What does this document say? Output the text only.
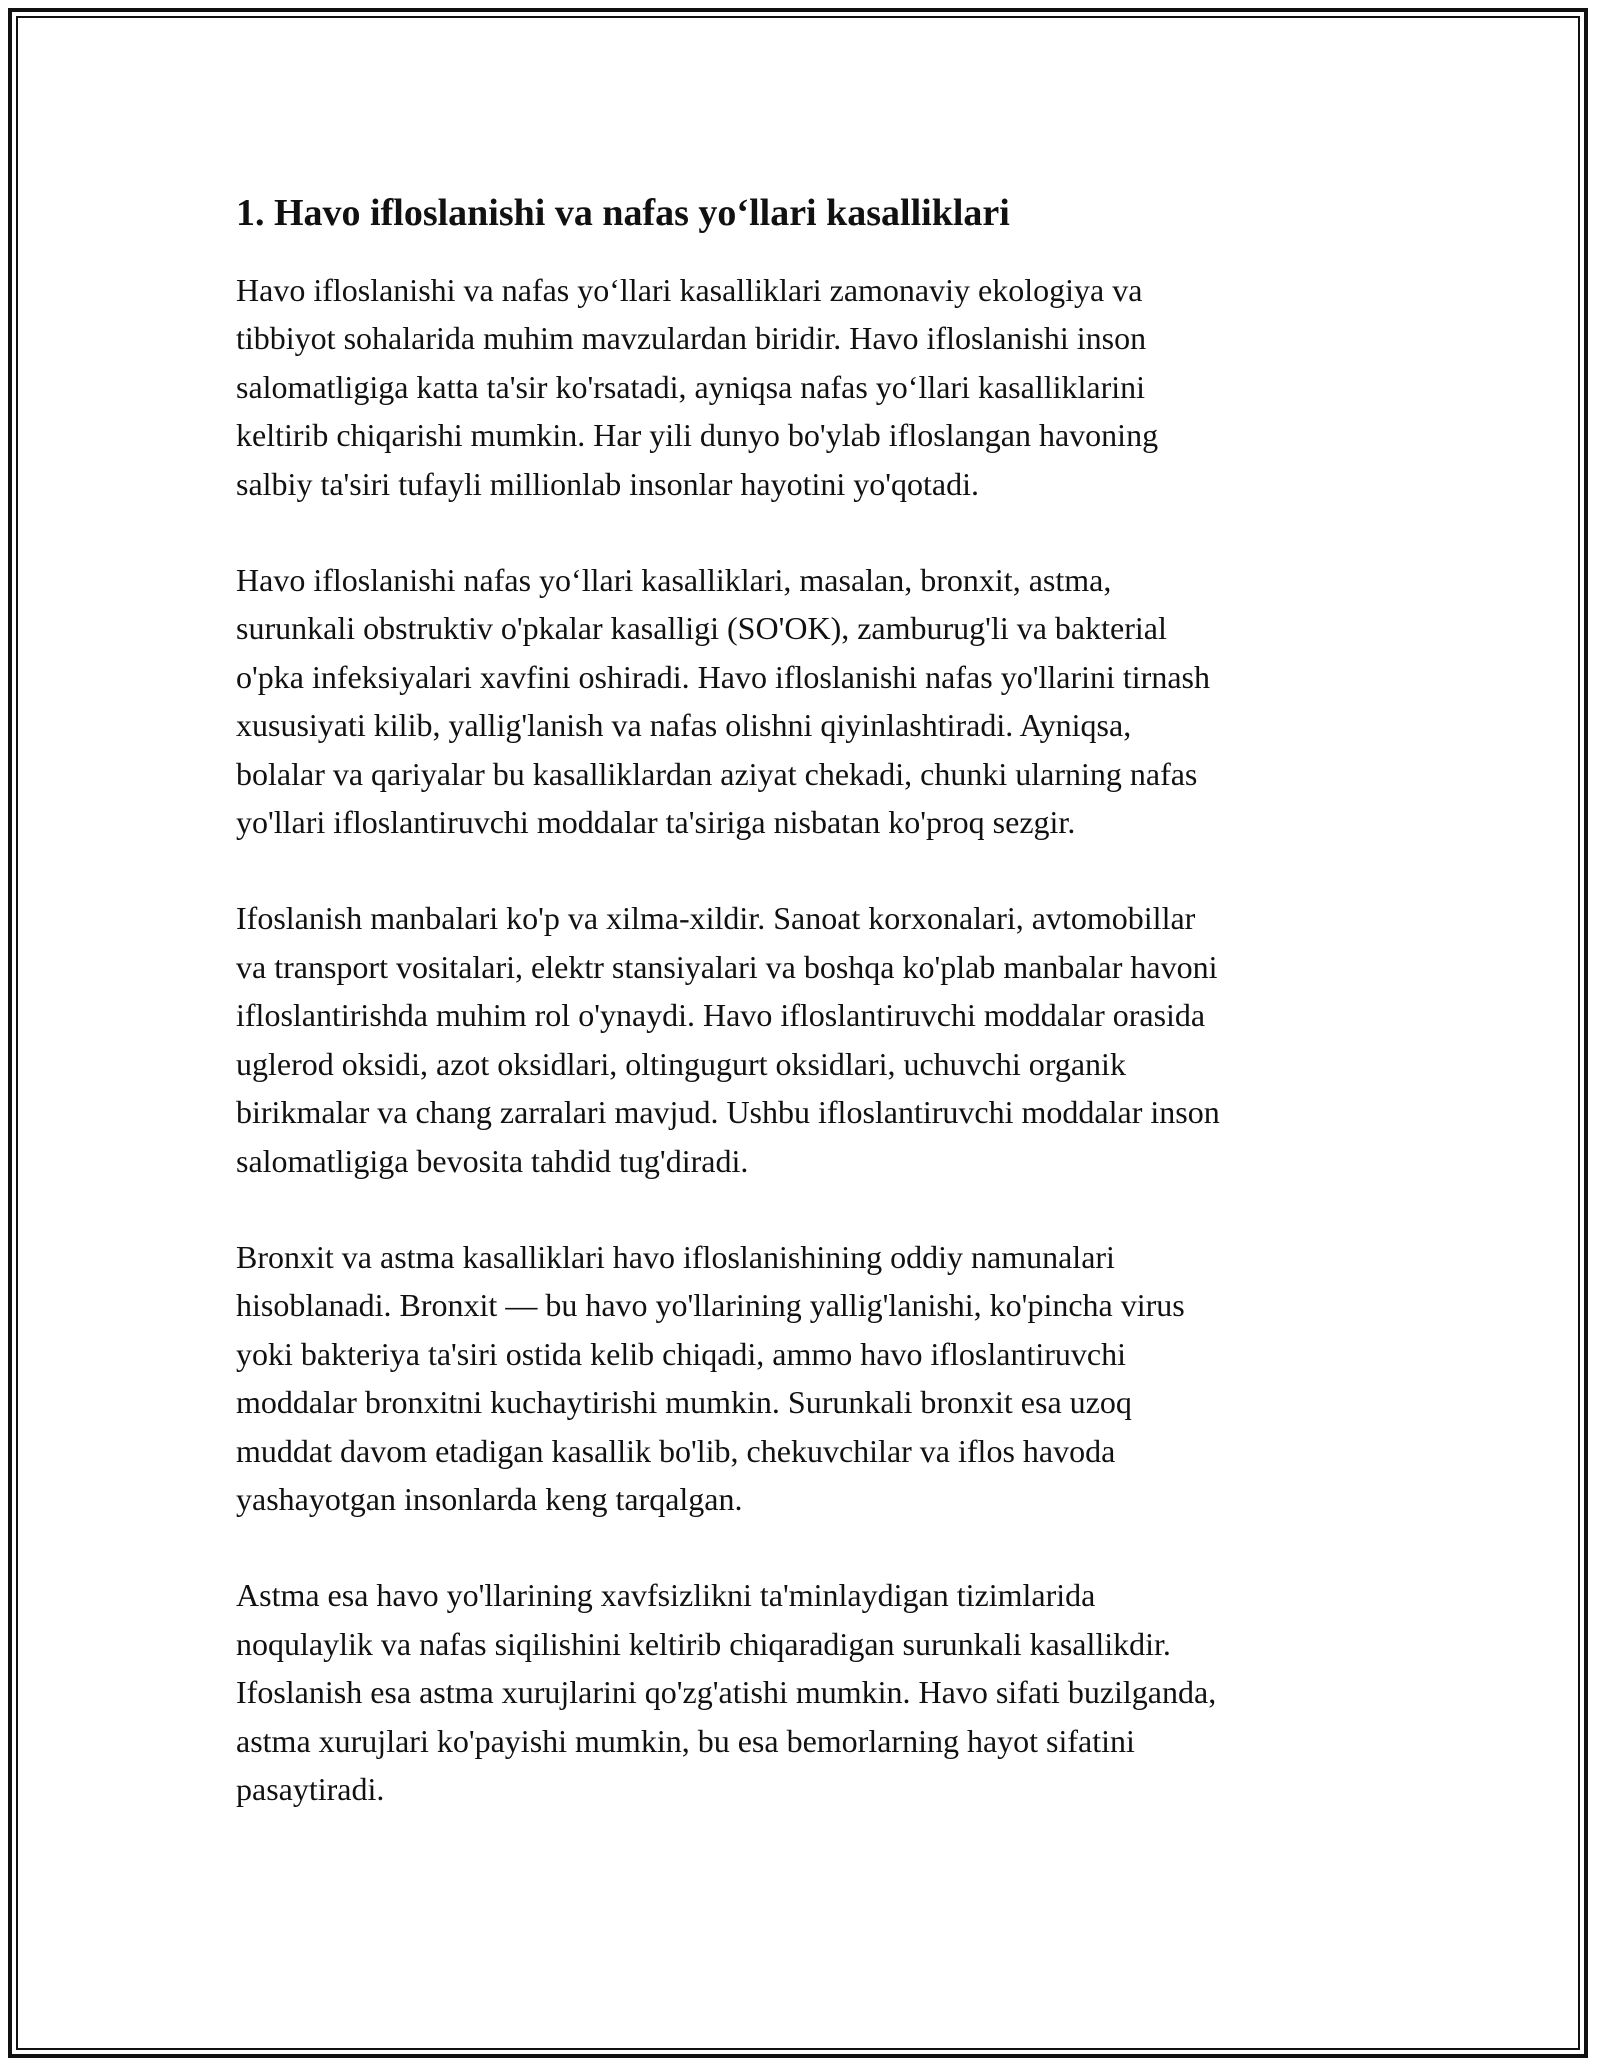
1. Havo ifloslanishi va nafas yo‘llari kasalliklari

Havo ifloslanishi va nafas yo‘llari kasalliklari zamonaviy ekologiya va
tibbiyot sohalarida muhim mavzulardan biridir. Havo ifloslanishi inson
salomatligiga katta ta'sir ko'rsatadi, ayniqsa nafas yo‘llari kasalliklarini
keltirib chiqarishi mumkin. Har yili dunyo bo'ylab ifloslangan havoning
salbiy ta'siri tufayli millionlab insonlar hayotini yo'qotadi.

Havo ifloslanishi nafas yo‘llari kasalliklari, masalan, bronxit, astma,
surunkali obstruktiv o'pkalar kasalligi (SO'OK), zamburug'li va bakterial
o'pka infeksiyalari xavfini oshiradi. Havo ifloslanishi nafas yo'llarini tirnash
xususiyati kilib, yallig'lanish va nafas olishni qiyinlashtiradi. Ayniqsa,
bolalar va qariyalar bu kasalliklardan aziyat chekadi, chunki ularning nafas
yo'llari ifloslantiruvchi moddalar ta'siriga nisbatan ko'proq sezgir.

Ifoslanish manbalari ko'p va xilma-xildir. Sanoat korxonalari, avtomobillar
va transport vositalari, elektr stansiyalari va boshqa ko'plab manbalar havoni
ifloslantirishda muhim rol o'ynaydi. Havo ifloslantiruvchi moddalar orasida
uglerod oksidi, azot oksidlari, oltingugurt oksidlari, uchuvchi organik
birikmalar va chang zarralari mavjud. Ushbu ifloslantiruvchi moddalar inson
salomatligiga bevosita tahdid tug'diradi.

Bronxit va astma kasalliklari havo ifloslanishining oddiy namunalari
hisoblanadi. Bronxit — bu havo yo'llarining yallig'lanishi, ko'pincha virus
yoki bakteriya ta'siri ostida kelib chiqadi, ammo havo ifloslantiruvchi
moddalar bronxitni kuchaytirishi mumkin. Surunkali bronxit esa uzoq
muddat davom etadigan kasallik bo'lib, chekuvchilar va iflos havoda
yashayotgan insonlarda keng tarqalgan.

Astma esa havo yo'llarining xavfsizlikni ta'minlaydigan tizimlarida
noqulaylik va nafas siqilishini keltirib chiqaradigan surunkali kasallikdir.
Ifoslanish esa astma xurujlarini qo'zg'atishi mumkin. Havo sifati buzilganda,
astma xurujlari ko'payishi mumkin, bu esa bemorlarning hayot sifatini
pasaytiradi.
